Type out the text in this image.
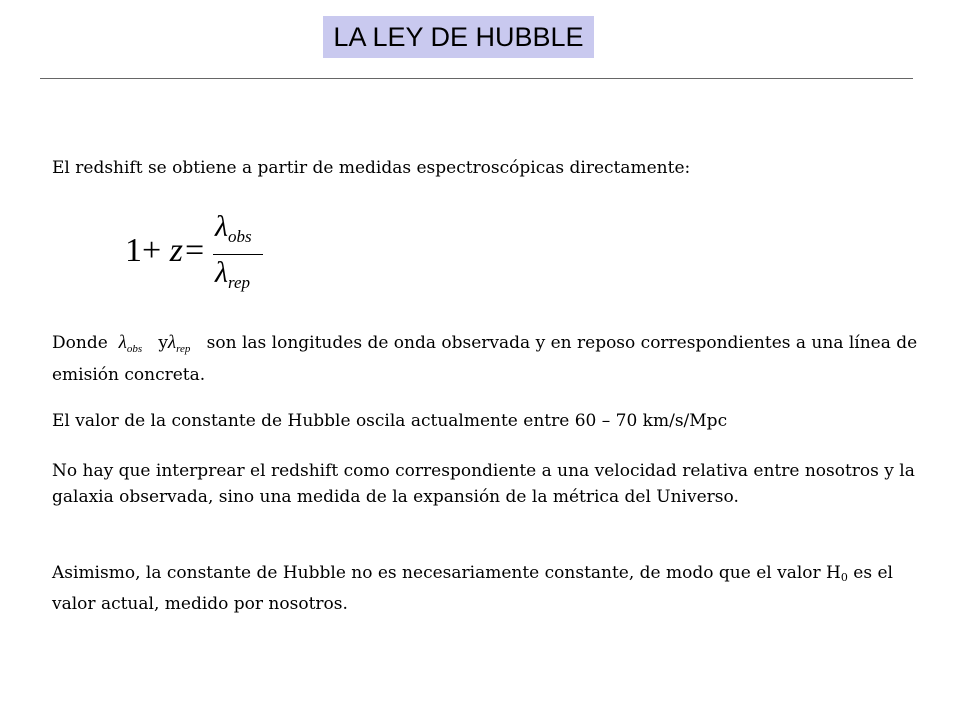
LA LEY DE HUBBLE

El redshift se obtiene a partir de medidas espectroscópicas directamente:

1+ z =
$\lambda_{obs}$
$\lambda_{rep}$

Donde $\lambda_{obs}$ $y\lambda_{rep}$ son las longitudes de onda observada y en reposo correspondientes a una línea de emisión concreta.

El valor de la constante de Hubble oscila actualmente entre 60 – 70 km/s/Mpc

No hay que interprear el redshift como correspondiente a una velocidad relativa entre nosotros y la galaxia observada, sino una medida de la expansión de la métrica del Universo.

Asimismo, la constante de Hubble no es necesariamente constante, de modo que el valor $H_0$ es el valor actual, medido por nosotros.
